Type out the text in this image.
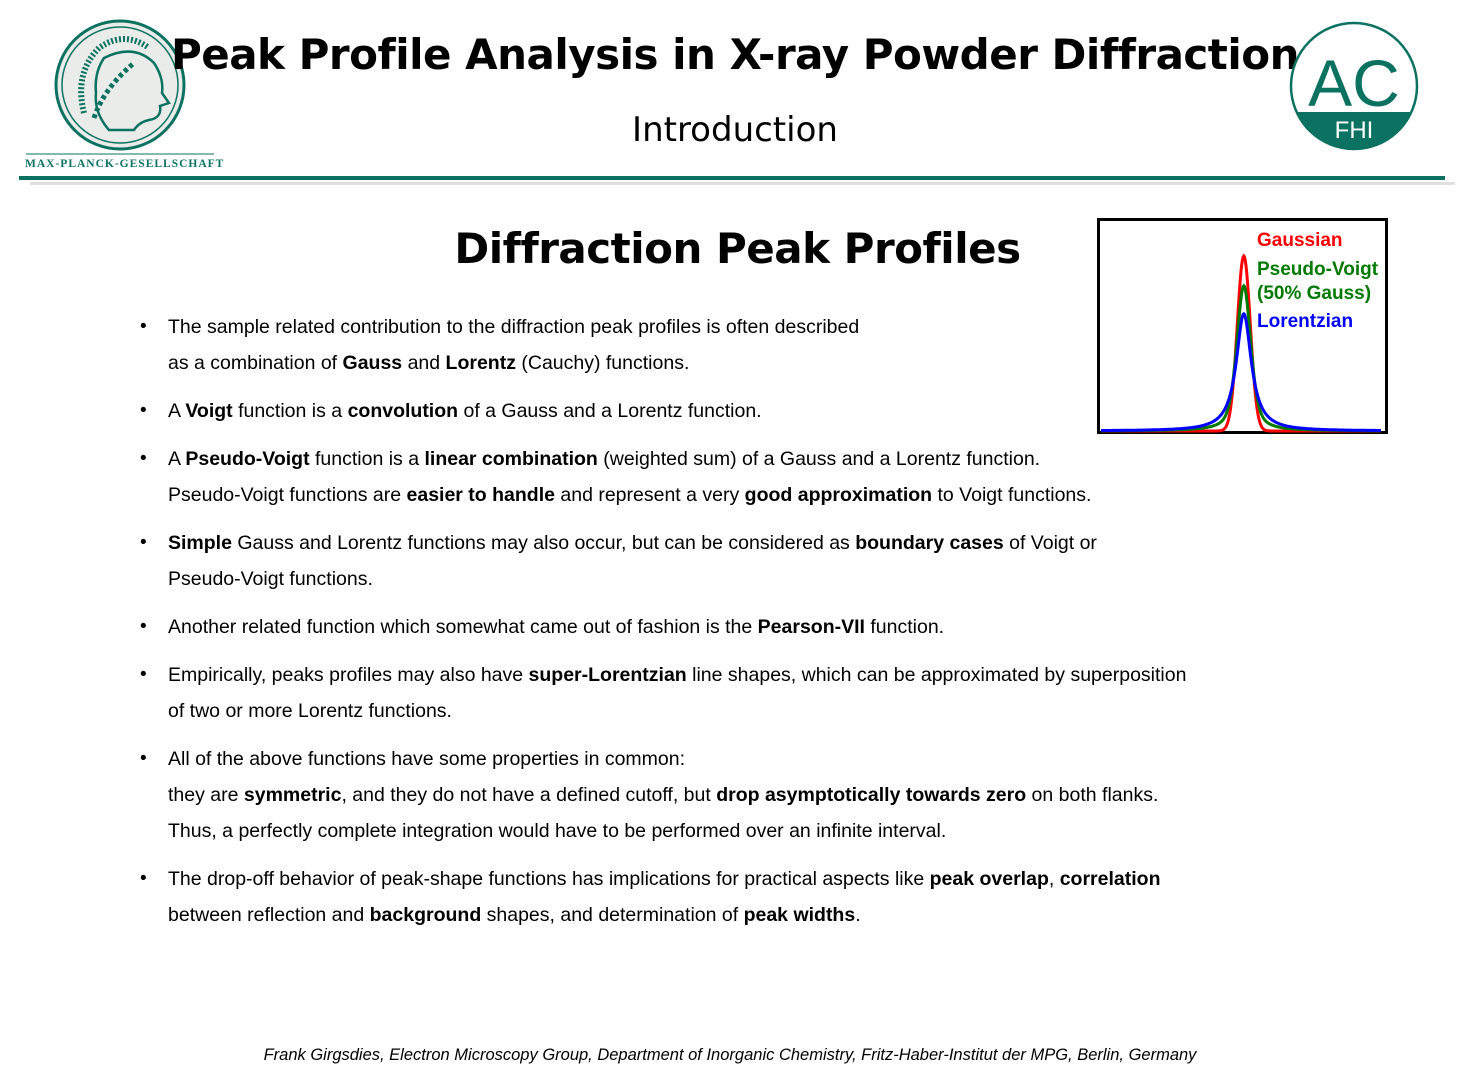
MAX-PLANCK-GESELLSCHAFT
Peak Profile Analysis in X-ray Powder Diffraction
Introduction
AC
FHI
Diffraction Peak Profiles
• The sample related contribution to the diffraction peak profiles is often described
as a combination of Gauss and Lorentz (Cauchy) functions.
• A Voigt function is a convolution of a Gauss and a Lorentz function.
• A Pseudo-Voigt function is a linear combination (weighted sum) of a Gauss and a Lorentz function.
Pseudo-Voigt functions are easier to handle and represent a very good approximation to Voigt functions.
• Simple Gauss and Lorentz functions may also occur, but can be considered as boundary cases of Voigt or
Pseudo-Voigt functions.
• Another related function which somewhat came out of fashion is the Pearson-VII function.
• Empirically, peaks profiles may also have super-Lorentzian line shapes, which can be approximated by superposition
of two or more Lorentz functions.
• All of the above functions have some properties in common:
they are symmetric, and they do not have a defined cutoff, but drop asymptotically towards zero on both flanks.
Thus, a perfectly complete integration would have to be performed over an infinite interval.
• The drop-off behavior of peak-shape functions has implications for practical aspects like peak overlap, correlation
between reflection and background shapes, and determination of peak widths.
Gaussian
Pseudo-Voigt
(50% Gauss)
Lorentzian
Frank Girgsdies, Electron Microscopy Group, Department of Inorganic Chemistry, Fritz-Haber-Institut der MPG, Berlin, Germany
